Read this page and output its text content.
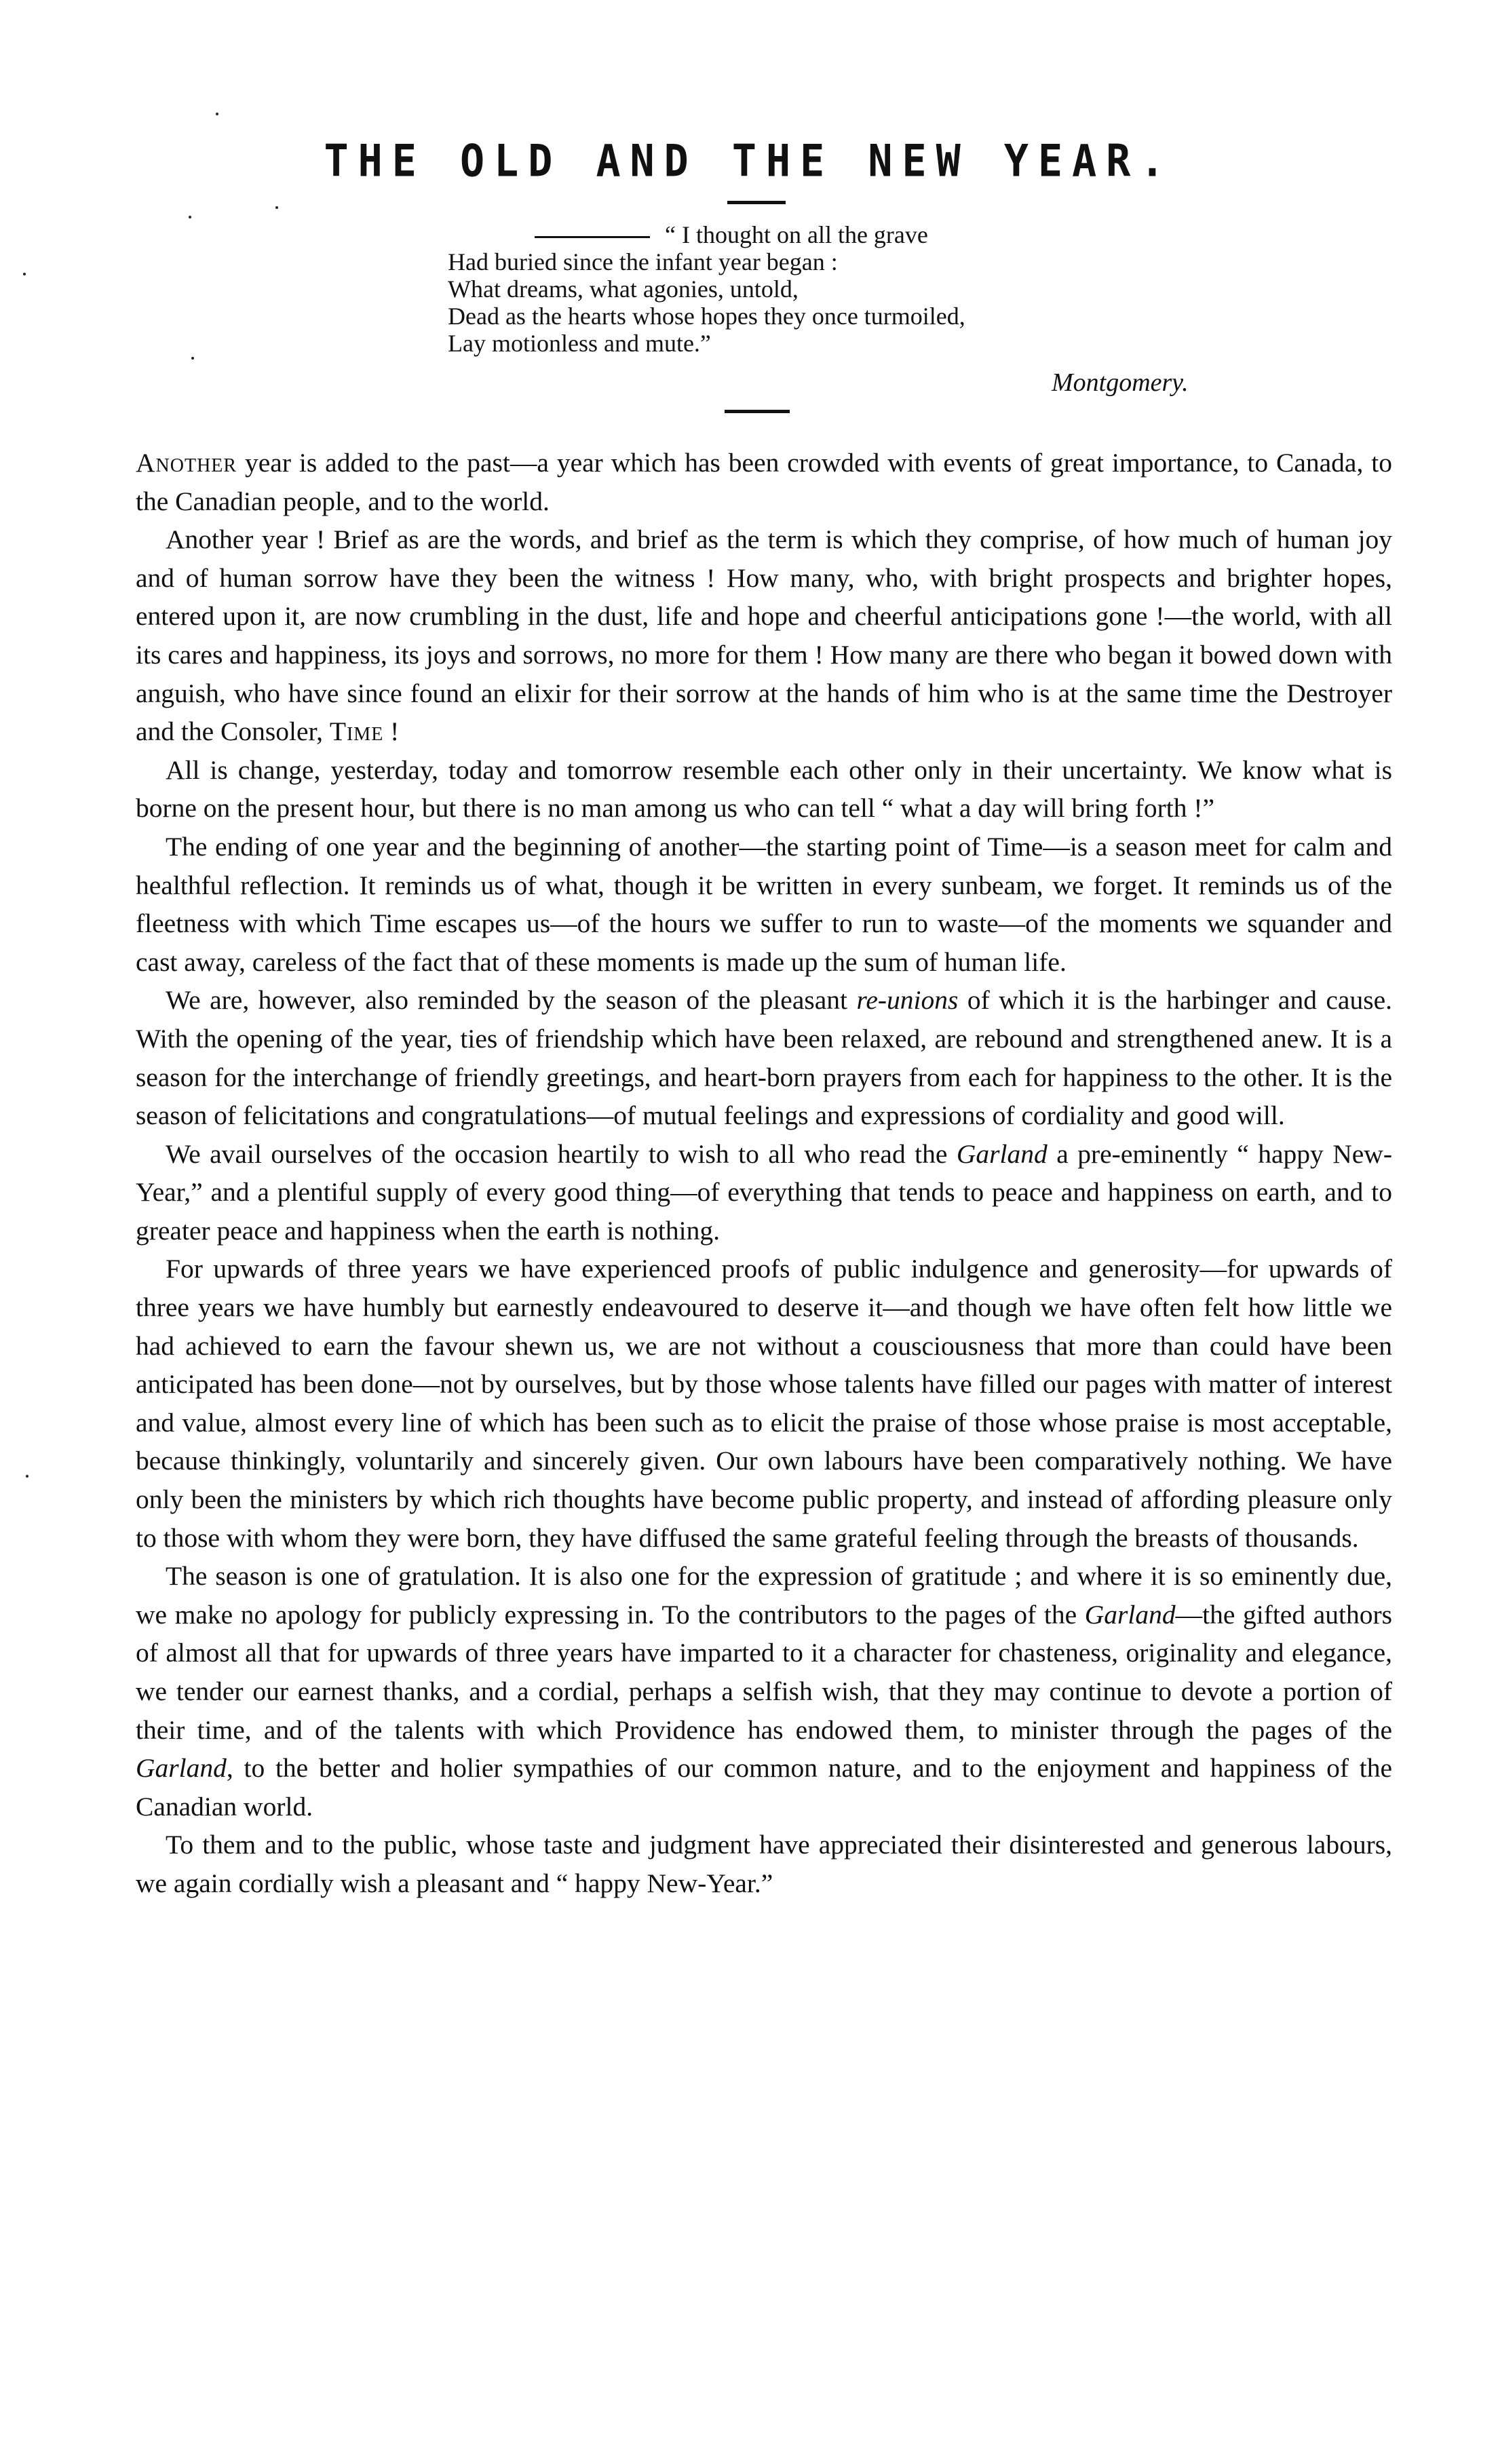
THE OLD AND THE NEW YEAR.
“ I thought on all the grave
Had buried since the infant year began :
What dreams, what agonies, untold,
Dead as the hearts whose hopes they once turmoiled,
Lay motionless and mute.”
Montgomery.

Another year is added to the past—a year which has been crowded with events of great importance, to Canada, to the Canadian people, and to the world.

Another year ! Brief as are the words, and brief as the term is which they comprise, of how much of human joy and of human sorrow have they been the witness ! How many, who, with bright prospects and brighter hopes, entered upon it, are now crumbling in the dust, life and hope and cheerful anticipations gone !—the world, with all its cares and happiness, its joys and sorrows, no more for them ! How many are there who began it bowed down with anguish, who have since found an elixir for their sorrow at the hands of him who is at the same time the Destroyer and the Consoler, Time !

All is change, yesterday, today and tomorrow resemble each other only in their uncertainty. We know what is borne on the present hour, but there is no man among us who can tell “ what a day will bring forth !”

The ending of one year and the beginning of another—the starting point of Time—is a season meet for calm and healthful reflection. It reminds us of what, though it be written in every sunbeam, we forget. It reminds us of the fleetness with which Time escapes us—of the hours we suffer to run to waste—of the moments we squander and cast away, careless of the fact that of these moments is made up the sum of human life.

We are, however, also reminded by the season of the pleasant re-unions of which it is the harbinger and cause. With the opening of the year, ties of friendship which have been relaxed, are rebound and strengthened anew. It is a season for the interchange of friendly greetings, and heart-born prayers from each for happiness to the other. It is the season of felicitations and congratulations—of mutual feelings and expressions of cordiality and good will.

We avail ourselves of the occasion heartily to wish to all who read the Garland a pre-eminently “ happy New-Year,” and a plentiful supply of every good thing—of everything that tends to peace and happiness on earth, and to greater peace and happiness when the earth is nothing.

For upwards of three years we have experienced proofs of public indulgence and generosity—for upwards of three years we have humbly but earnestly endeavoured to deserve it—and though we have often felt how little we had achieved to earn the favour shewn us, we are not without a cousciousness that more than could have been anticipated has been done—not by ourselves, but by those whose talents have filled our pages with matter of interest and value, almost every line of which has been such as to elicit the praise of those whose praise is most acceptable, because thinkingly, voluntarily and sincerely given. Our own labours have been comparatively nothing. We have only been the ministers by which rich thoughts have become public property, and instead of affording pleasure only to those with whom they were born, they have diffused the same grateful feeling through the breasts of thousands.

The season is one of gratulation. It is also one for the expression of gratitude ; and where it is so eminently due, we make no apology for publicly expressing in. To the contributors to the pages of the Garland—the gifted authors of almost all that for upwards of three years have imparted to it a character for chasteness, originality and elegance, we tender our earnest thanks, and a cordial, perhaps a selfish wish, that they may continue to devote a portion of their time, and of the talents with which Providence has endowed them, to minister through the pages of the Garland, to the better and holier sympathies of our common nature, and to the enjoyment and happiness of the Canadian world.

To them and to the public, whose taste and judgment have appreciated their disinterested and generous labours, we again cordially wish a pleasant and “ happy New-Year.”
